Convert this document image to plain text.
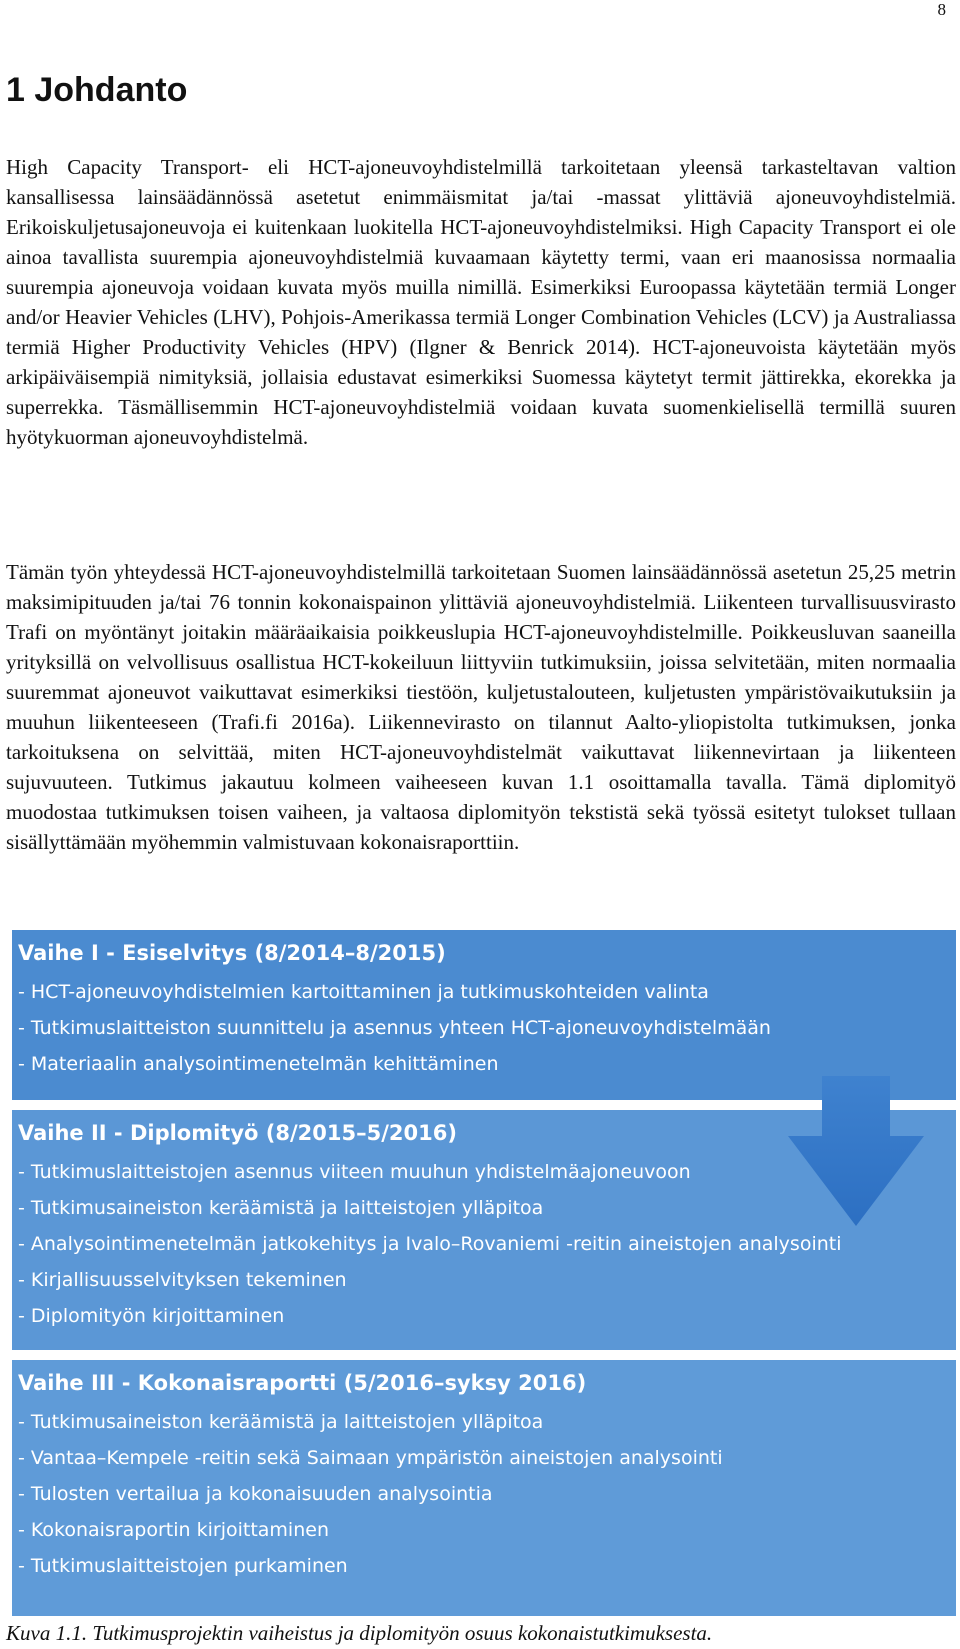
8
1 Johdanto

High Capacity Transport- eli HCT-ajoneuvoyhdistelmillä tarkoitetaan yleensä tarkasteltavan valtion kansallisessa lainsäädännössä asetetut enimmäismitat ja/tai -massat ylittäviä ajoneuvoyhdistelmiä. Erikoiskuljetusajoneuvoja ei kuitenkaan luokitella HCT-ajoneuvoyhdistelmiksi. High Capacity Transport ei ole ainoa tavallista suurempia ajoneuvoyhdistelmiä kuvaamaan käytetty termi, vaan eri maanosissa normaalia suurempia ajoneuvoja voidaan kuvata myös muilla nimillä. Esimerkiksi Euroopassa käytetään termiä Longer and/or Heavier Vehicles (LHV), Pohjois-Amerikassa termiä Longer Combination Vehicles (LCV) ja Australiassa termiä Higher Productivity Vehicles (HPV) (Ilgner & Benrick 2014). HCT-ajoneuvoista käytetään myös arkipäiväisempiä nimityksiä, jollaisia edustavat esimerkiksi Suomessa käytetyt termit jättirekka, ekorekka ja superrekka. Täsmällisemmin HCT-ajoneuvoyhdistelmiä voidaan kuvata suomenkielisellä termillä suuren hyötykuorman ajoneuvoyhdistelmä.

Tämän työn yhteydessä HCT-ajoneuvoyhdistelmillä tarkoitetaan Suomen lainsäädännössä asetetun 25,25 metrin maksimipituuden ja/tai 76 tonnin kokonaispainon ylittäviä ajoneuvoyhdistelmiä. Liikenteen turvallisuusvirasto Trafi on myöntänyt joitakin määräaikaisia poikkeuslupia HCT-ajoneuvoyhdistelmille. Poikkeusluvan saaneilla yrityksillä on velvollisuus osallistua HCT-kokeiluun liittyviin tutkimuksiin, joissa selvitetään, miten normaalia suuremmat ajoneuvot vaikuttavat esimerkiksi tiestöön, kuljetustalouteen, kuljetusten ympäristövaikutuksiin ja muuhun liikenteeseen (Trafi.fi 2016a). Liikennevirasto on tilannut Aalto-yliopistolta tutkimuksen, jonka tarkoituksena on selvittää, miten HCT-ajoneuvoyhdistelmät vaikuttavat liikennevirtaan ja liikenteen sujuvuuteen. Tutkimus jakautuu kolmeen vaiheeseen kuvan 1.1 osoittamalla tavalla. Tämä diplomityö muodostaa tutkimuksen toisen vaiheen, ja valtaosa diplomityön tekstistä sekä työssä esitetyt tulokset tullaan sisällyttämään myöhemmin valmistuvaan kokonaisraporttiin.

Vaihe I - Esiselvitys (8/2014–8/2015)
- HCT-ajoneuvoyhdistelmien kartoittaminen ja tutkimuskohteiden valinta
- Tutkimuslaitteiston suunnittelu ja asennus yhteen HCT-ajoneuvoyhdistelmään
- Materiaalin analysointimenetelmän kehittäminen
Vaihe II - Diplomityö (8/2015–5/2016)
- Tutkimuslaitteistojen asennus viiteen muuhun yhdistelmäajoneuvoon
- Tutkimusaineiston keräämistä ja laitteistojen ylläpitoa
- Analysointimenetelmän jatkokehitys ja Ivalo–Rovaniemi -reitin aineistojen analysointi
- Kirjallisuusselvityksen tekeminen
- Diplomityön kirjoittaminen
Vaihe III - Kokonaisraportti (5/2016–syksy 2016)
- Tutkimusaineiston keräämistä ja laitteistojen ylläpitoa
- Vantaa–Kempele -reitin sekä Saimaan ympäristön aineistojen analysointi
- Tulosten vertailua ja kokonaisuuden analysointia
- Kokonaisraportin kirjoittaminen
- Tutkimuslaitteistojen purkaminen

Kuva 1.1. Tutkimusprojektin vaiheistus ja diplomityön osuus kokonaistutkimuksesta.
